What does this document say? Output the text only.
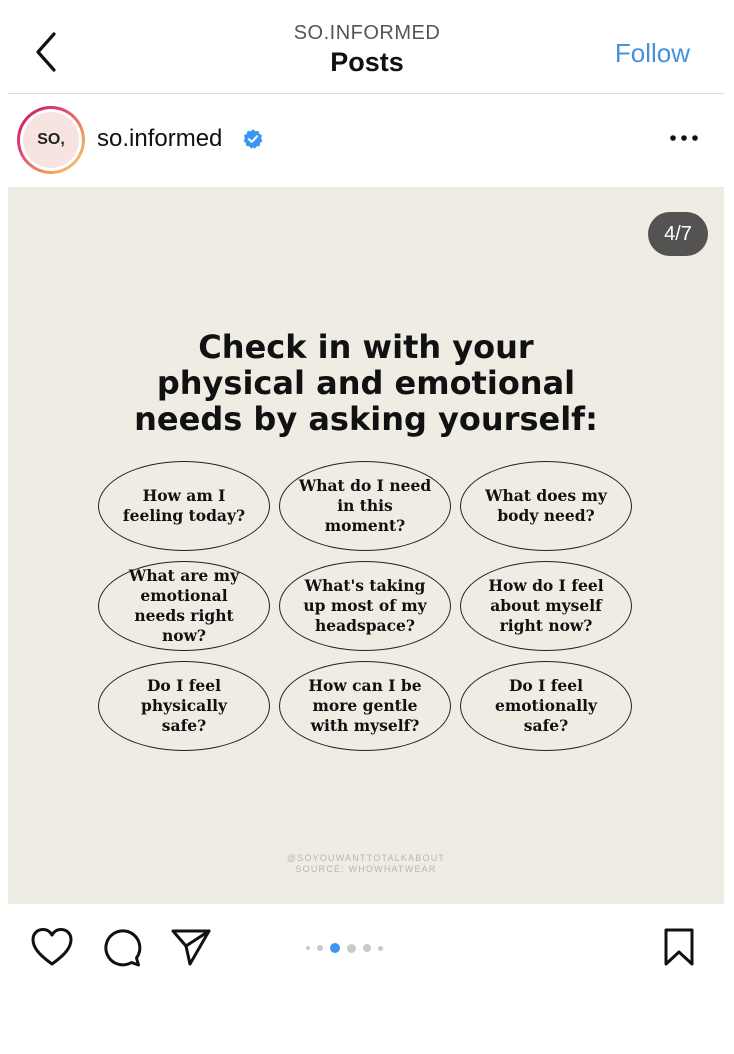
SO.INFORMED
Posts	Follow
SO,	so.informed
4/7
Check in with your
physical and emotional
needs by asking yourself:
How am I feeling today?
What do I need in this moment?
What does my body need?
What are my emotional needs right now?
What's taking up most of my headspace?
How do I feel about myself right now?
Do I feel physically safe?
How can I be more gentle with myself?
Do I feel emotionally safe?
@SOYOUWANTTOTALKABOUT
SOURCE: WHOWHATWEAR
